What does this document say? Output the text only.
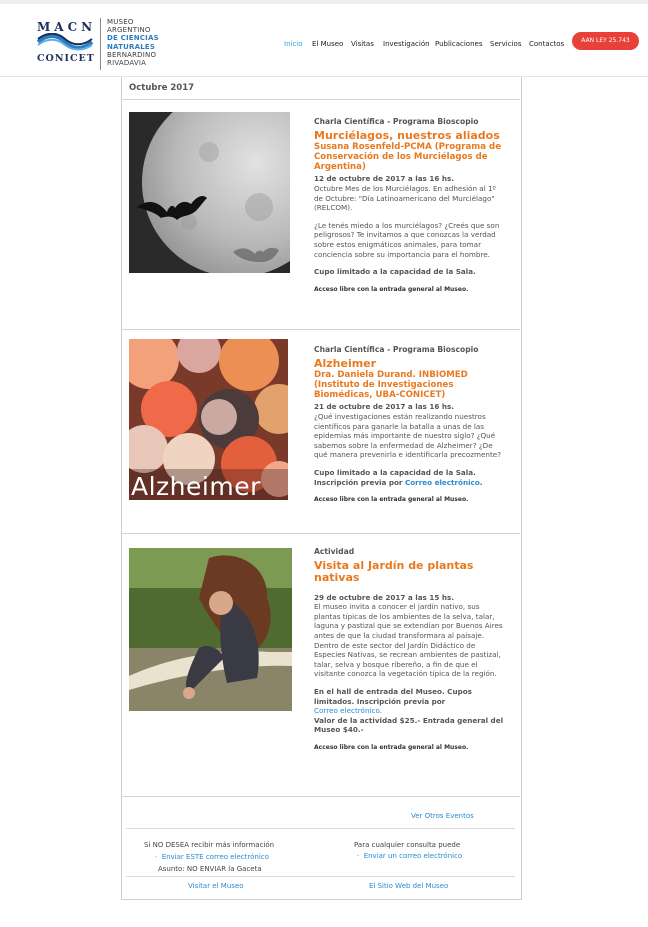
MACN
CONICET
MUSEO
ARGENTINO
DE CIENCIAS
NATURALES
BERNARDINO
RIVADAVIA
Inicio El Museo Visitas Investigación Publicaciones Servicios Contactos	AAN LEY 25.743
Octubre 2017
Charla Científica - Programa Bioscopio
Murciélagos, nuestros aliados
Susana Rosenfeld-PCMA (Programa de Conservación de los Murciélagos de Argentina)
12 de octubre de 2017 a las 16 hs.

Octubre Mes de los Murciélagos. En adhesión al 1º de Octubre: "Día Latinoamericano del Murciélago" (RELCOM).

¿Le tenés miedo a los murciélagos? ¿Creés que son peligrosos? Te invitamos a que conozcas la verdad sobre estos enigmáticos animales, para tomar conciencia sobre su importancia para el hombre.

Cupo limitado a la capacidad de la Sala.

Acceso libre con la entrada general al Museo.
Alzheimer
Charla Científica - Programa Bioscopio
Alzheimer
Dra. Daniela Durand. INBIOMED (Instituto de Investigaciones Biomédicas, UBA-CONICET)
21 de octubre de 2017 a las 16 hs.

¿Qué investigaciones están realizando nuestros científicos para ganarle la batalla a unas de las epidemias más importante de nuestro siglo? ¿Qué sabemos sobre la enfermedad de Alzheimer? ¿De qué manera prevenirla e identificarla precozmente?

Cupo limitado a la capacidad de la Sala.

Inscripción previa por Correo electrónico.

Acceso libre con la entrada general al Museo.
Actividad
Visita al Jardín de plantas nativas
29 de octubre de 2017 a las 15 hs.

El museo invita a conocer el jardín nativo, sus plantas típicas de los ambientes de la selva, talar, laguna y pastizal que se extendían por Buenos Aires antes de que la ciudad transformara al paisaje. Dentro de este sector del Jardín Didáctico de Especies Nativas, se recrean ambientes de pastizal, talar, selva y bosque ribereño, a fin de que el visitante conozca la vegetación típica de la región.

En el hall de entrada del Museo. Cupos limitados. Inscripción previa por

Correo electrónico.

Valor de la actividad $25.- Entrada general del Museo $40.-

Acceso libre con la entrada general al Museo.
Ver Otros Eventos
Si NO DESEA recibir más información
·  Enviar ESTE correo electrónico
Asunto: NO ENVIAR la Gaceta
Para cualquier consulta puede
·  Enviar un correo electrónico
Visitar el Museo	El Sitio Web del Museo
